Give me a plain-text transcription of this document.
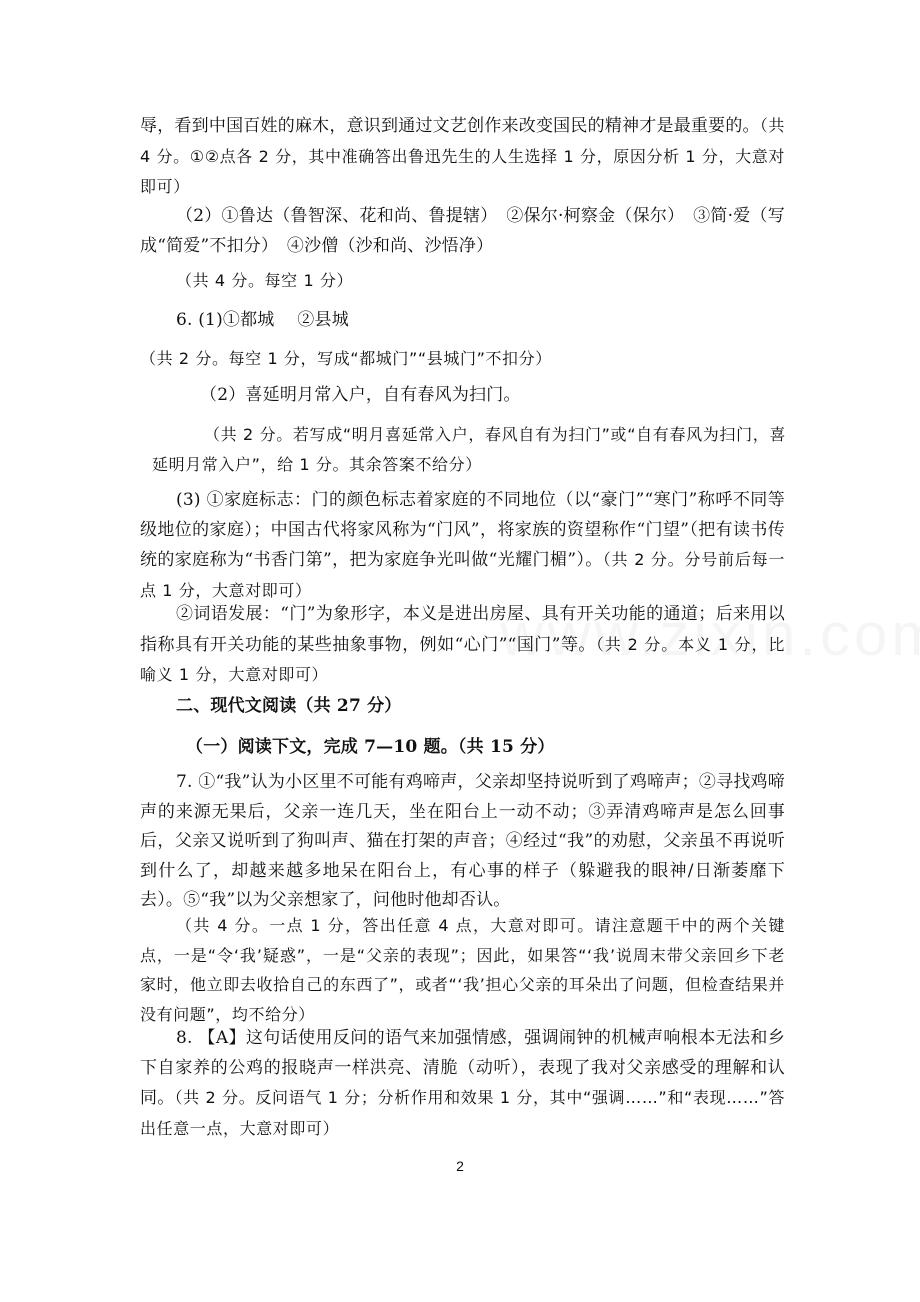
辱，看到中国百姓的麻木，意识到通过文艺创作来改变国民的精神才是最重要的。（共 4 分。①②点各 2 分，其中准确答出鲁迅先生的人生选择 1 分，原因分析 1 分，大意对即可）

（2）①鲁达（鲁智深、花和尚、鲁提辖）　②保尔·柯察金（保尔）　③简·爱（写成“简爱”不扣分）　④沙僧（沙和尚、沙悟净）

（共 4 分。每空 1 分）

6. (1)①都城　 ②县城

（共 2 分。每空 1 分，写成“都城门”“县城门”不扣分）

（2）喜延明月常入户，自有春风为扫门。

（共 2 分。若写成“明月喜延常入户，春风自有为扫门”或“自有春风为扫门，喜延明月常入户”，给 1 分。其余答案不给分）

(3) ①家庭标志：门的颜色标志着家庭的不同地位（以“豪门”“寒门”称呼不同等级地位的家庭）；中国古代将家风称为“门风”，将家族的资望称作“门望”（把有读书传统的家庭称为“书香门第”，把为家庭争光叫做“光耀门楣”）。（共 2 分。分号前后每一点 1 分，大意对即可）

②词语发展：“门”为象形字，本义是进出房屋、具有开关功能的通道；后来用以指称具有开关功能的某些抽象事物，例如“心门”“国门”等。（共 2 分。本义 1 分，比喻义 1 分，大意对即可）

二、现代文阅读（共 27 分）

（一）阅读下文，完成 7—10 题。（共 15 分）

7. ①“我”认为小区里不可能有鸡啼声，父亲却坚持说听到了鸡啼声；②寻找鸡啼声的来源无果后，父亲一连几天，坐在阳台上一动不动；③弄清鸡啼声是怎么回事后，父亲又说听到了狗叫声、猫在打架的声音；④经过“我”的劝慰，父亲虽不再说听到什么了，却越来越多地呆在阳台上，有心事的样子（躲避我的眼神/日渐萎靡下去）。⑤“我”以为父亲想家了，问他时他却否认。

（共 4 分。一点 1 分，答出任意 4 点，大意对即可。请注意题干中的两个关键点，一是“令‘我’疑惑”，一是“父亲的表现”；因此，如果答“‘我’说周末带父亲回乡下老家时，他立即去收拾自己的东西了”，或者“‘我’担心父亲的耳朵出了问题，但检查结果并没有问题”，均不给分）

8. 【A】这句话使用反问的语气来加强情感，强调闹钟的机械声响根本无法和乡下自家养的公鸡的报晓声一样洪亮、清脆（动听），表现了我对父亲感受的理解和认同。（共 2 分。反问语气 1 分；分析作用和效果 1 分，其中“强调……”和“表现……”答出任意一点，大意对即可）

2
